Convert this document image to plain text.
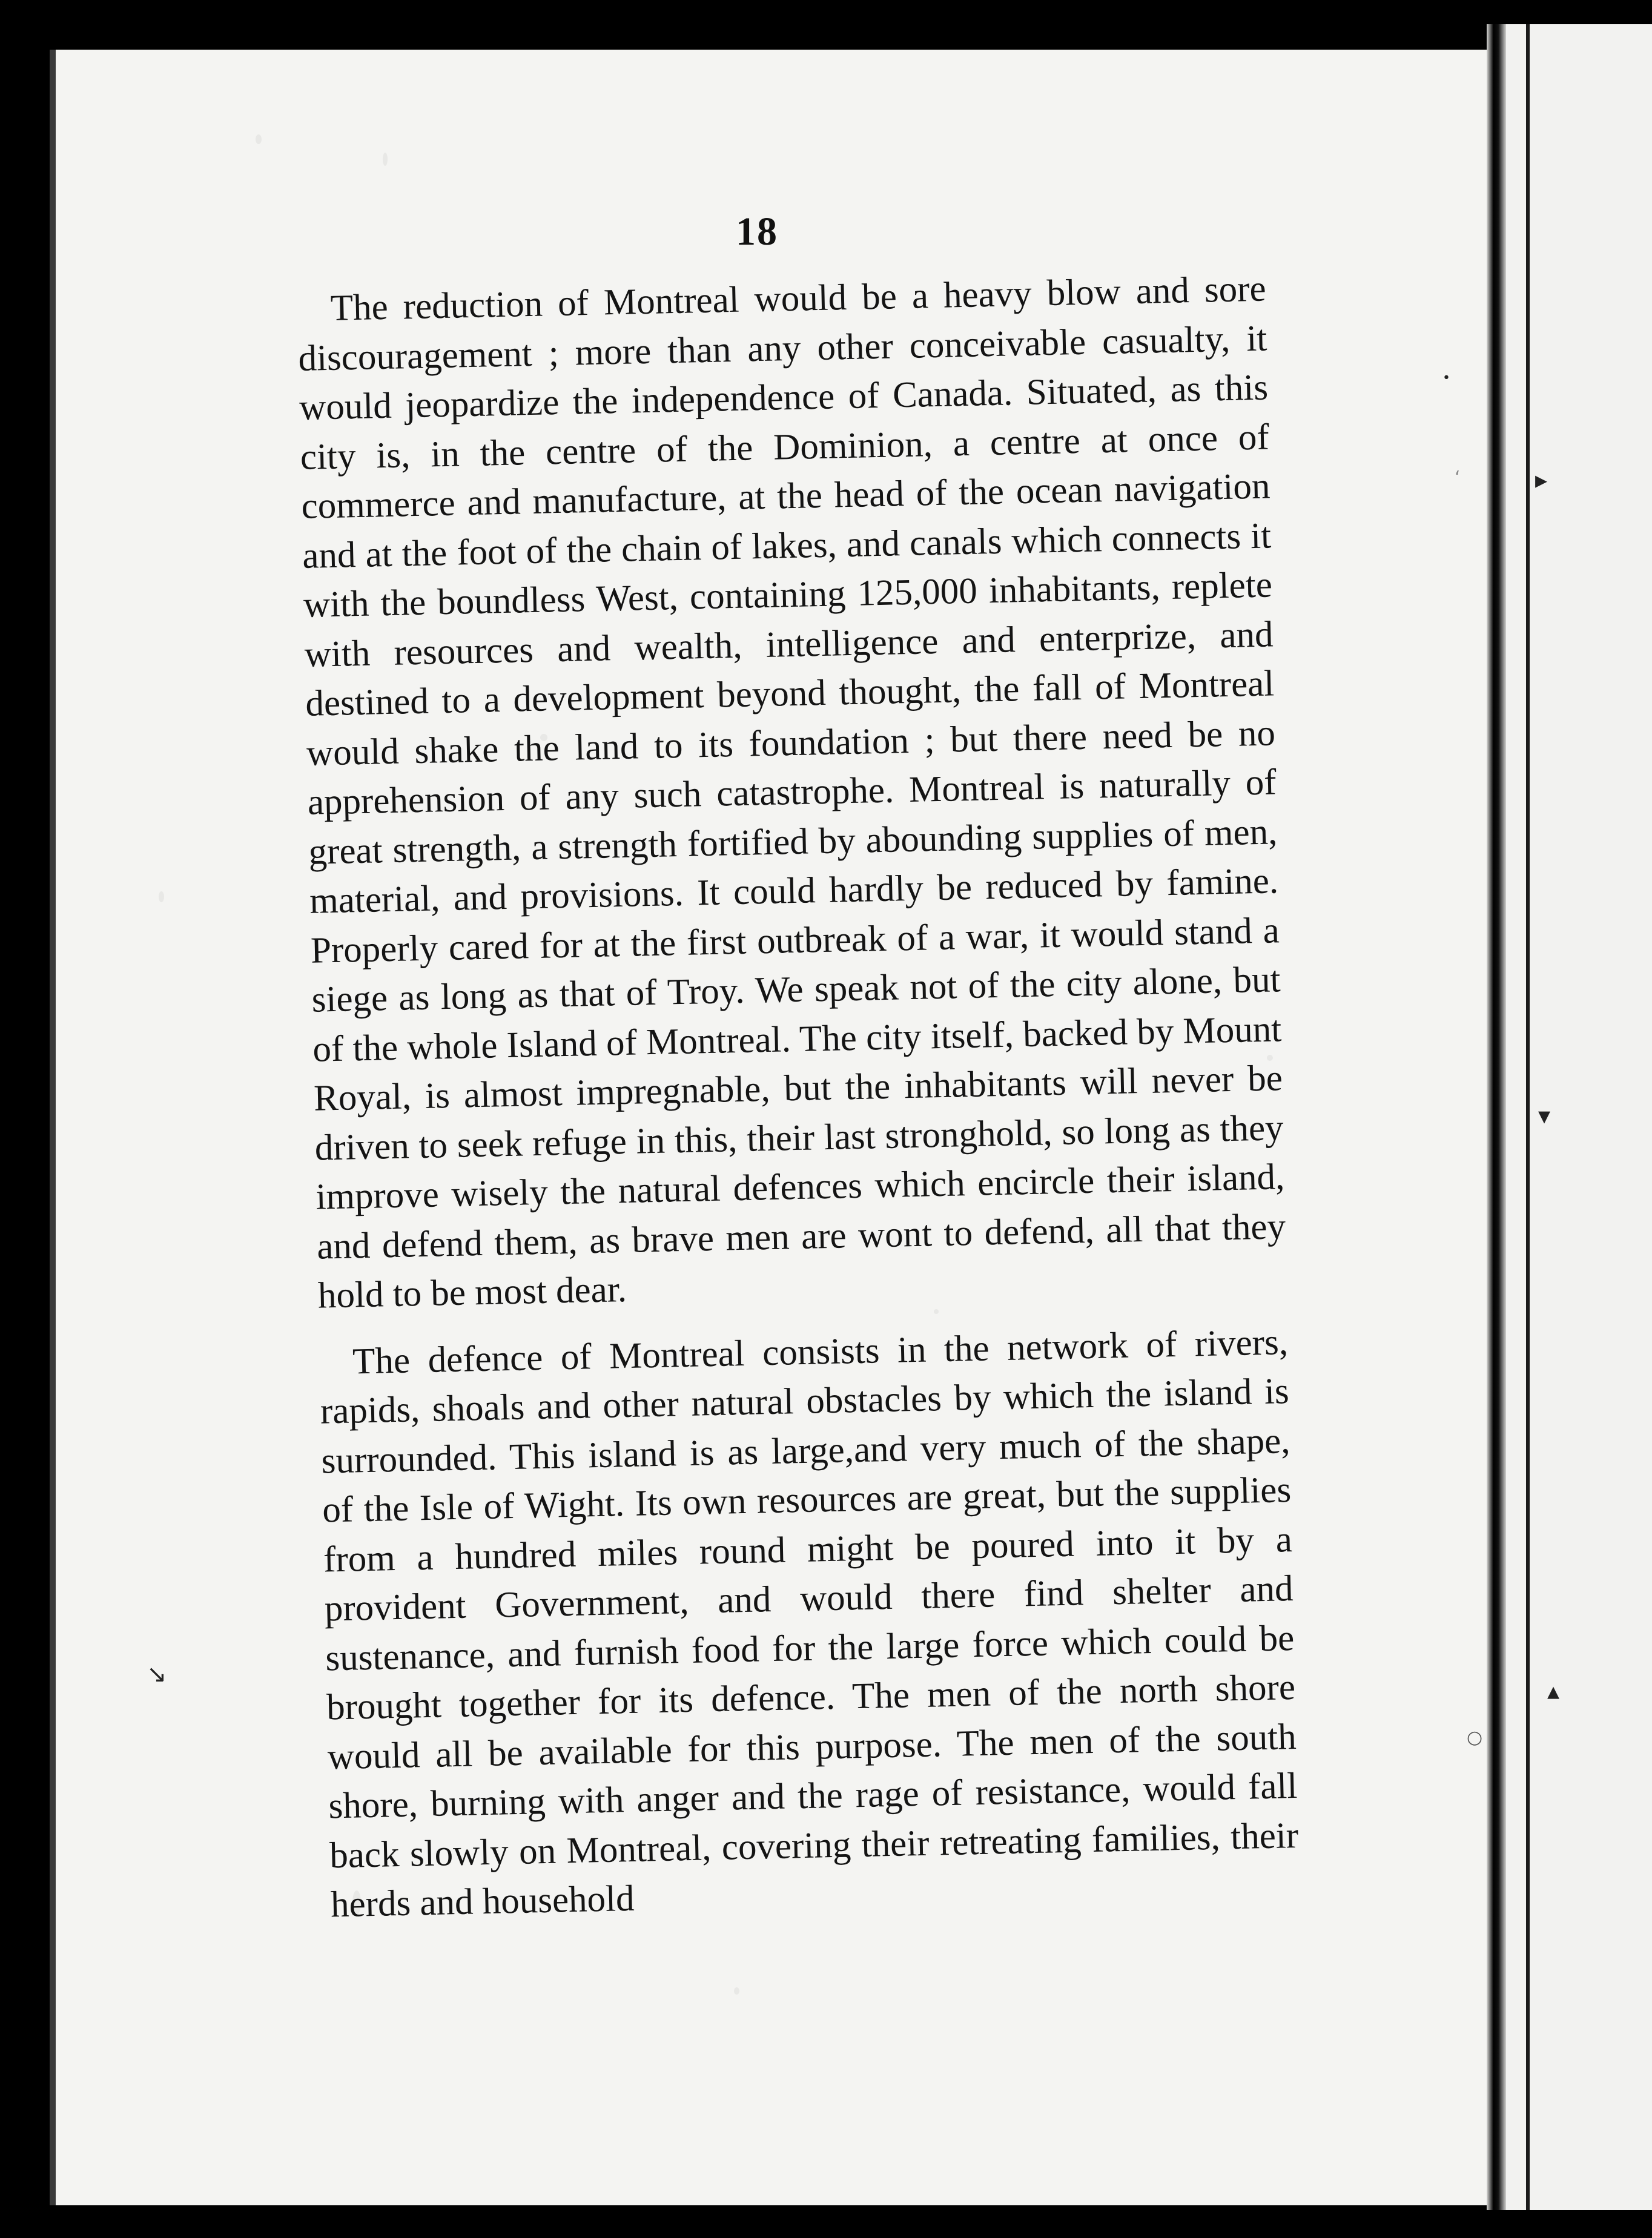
↘
•
‘
○
▸
▾
▴
18

The reduction of Montreal would be a heavy blow and sore discouragement ; more than any other conceivable casualty, it would jeopardize the independence of Canada. Situated, as this city is, in the centre of the Dominion, a centre at once of commerce and manufacture, at the head of the ocean navigation and at the foot of the chain of lakes, and canals which connects it with the boundless West, containing 125,000 inhabitants, replete with resources and wealth, intelligence and enterprize, and destined to a development beyond thought, the fall of Montreal would shake the land to its foundation ; but there need be no apprehension of any such catastrophe. Montreal is naturally of great strength, a strength fortified by abounding supplies of men, material, and provisions. It could hardly be reduced by famine. Properly cared for at the first outbreak of a war, it would stand a siege as long as that of Troy. We speak not of the city alone, but of the whole Island of Montreal. The city itself, backed by Mount Royal, is almost impregnable, but the inhabitants will never be driven to seek refuge in this, their last stronghold, so long as they improve wisely the natural defences which encircle their island, and defend them, as brave men are wont to defend, all that they hold to be most dear.

The defence of Montreal consists in the network of rivers, rapids, shoals and other natural obstacles by which the island is surrounded. This island is as large,and very much of the shape, of the Isle of Wight. Its own resources are great, but the supplies from a hundred miles round might be poured into it by a provident Government, and would there find shelter and sustenance, and furnish food for the large force which could be brought together for its defence. The men of the north shore would all be available for this purpose. The men of the south shore, burning with anger and the rage of resistance, would fall back slowly on Montreal, covering their retreating families, their herds and household
